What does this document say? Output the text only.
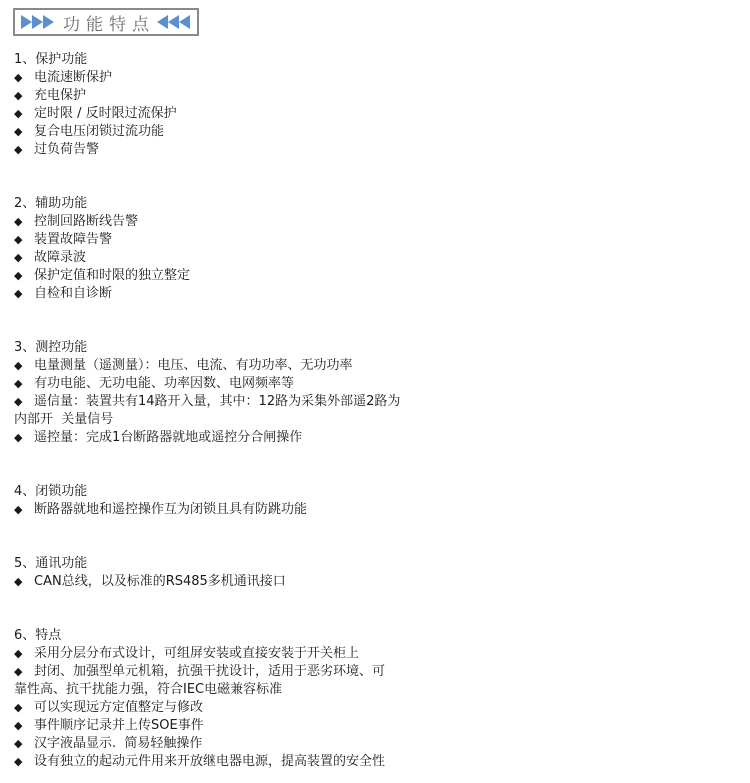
功能特点
1、保护功能
◆ 电流速断保护
◆ 充电保护
◆ 定时限 / 反时限过流保护
◆ 复合电压闭锁过流功能
◆ 过负荷告警
2、辅助功能
◆ 控制回路断线告警
◆ 装置故障告警
◆ 故障录波
◆ 保护定值和时限的独立整定
◆ 自检和自诊断
3、测控功能
◆ 电量测量（遥测量）：电压、电流、有功功率、无功功率
◆ 有功电能、无功电能、功率因数、电网频率等
◆ 遥信量：装置共有14路开入量，其中：12路为采集外部遥2路为
内部开  关量信号
◆ 遥控量：完成1台断路器就地或遥控分合闸操作
4、闭锁功能
◆ 断路器就地和遥控操作互为闭锁且具有防跳功能
5、通讯功能
◆ CAN总线，以及标准的RS485多机通讯接口
6、特点
◆ 采用分层分布式设计，可组屏安装或直接安装于开关柜上
◆ 封闭、加强型单元机箱，抗强干扰设计，适用于恶劣环境、可
靠性高、抗干扰能力强，符合IEC电磁兼容标准
◆ 可以实现远方定值整定与修改
◆ 事件顺序记录并上传SOE事件
◆ 汉字液晶显示.  简易轻触操作
◆ 设有独立的起动元件用来开放继电器电源，提高装置的安全性
